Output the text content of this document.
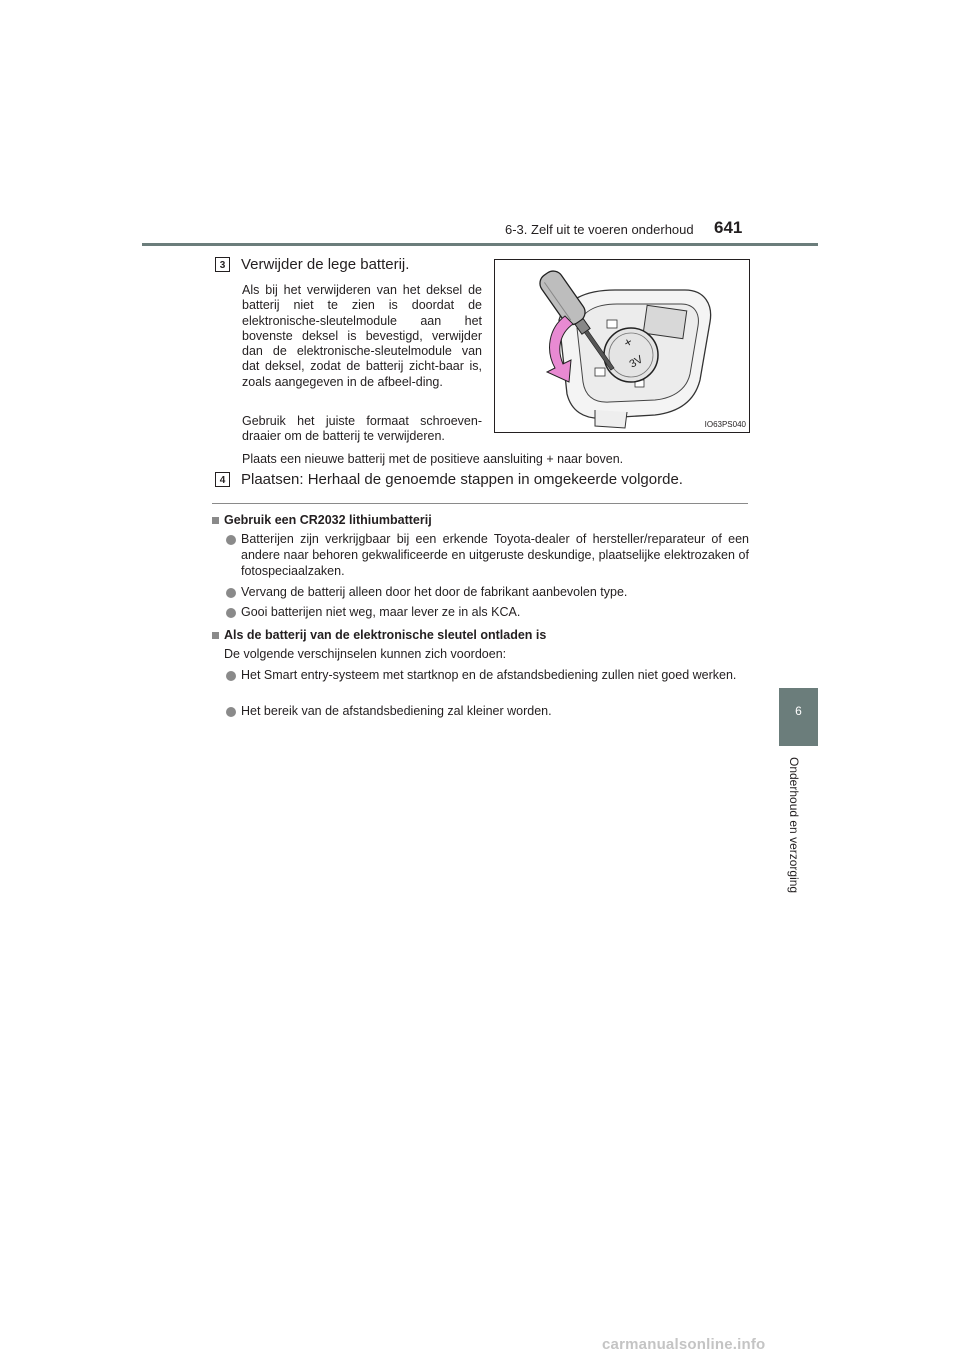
6-3. Zelf uit te voeren onderhoud 641
6
Onderhoud en verzorging
3	Verwijder de lege batterij.
Als bij het verwijderen van het deksel de batterij niet te zien is doordat de elektronische-sleutelmodule aan het bovenste deksel is bevestigd, verwijder dan de elektronische-sleutelmodule van dat deksel, zodat de batterij zicht-baar is, zoals aangegeven in de afbeel-ding.
Gebruik het juiste formaat schroeven-draaier om de batterij te verwijderen.
Plaats een nieuwe batterij met de positieve aansluiting + naar boven.
+
3V
IO63PS040
4	Plaatsen: Herhaal de genoemde stappen in omgekeerde volgorde.
Gebruik een CR2032 lithiumbatterij
Batterijen zijn verkrijgbaar bij een erkende Toyota-dealer of hersteller/reparateur of een andere naar behoren gekwalificeerde en uitgeruste deskundige, plaatselijke elektrozaken of fotospeciaalzaken.
Vervang de batterij alleen door het door de fabrikant aanbevolen type.
Gooi batterijen niet weg, maar lever ze in als KCA.
Als de batterij van de elektronische sleutel ontladen is
De volgende verschijnselen kunnen zich voordoen:
Het Smart entry-systeem met startknop en de afstandsbediening zullen niet goed werken.
Het bereik van de afstandsbediening zal kleiner worden.
carmanualsonline.info
